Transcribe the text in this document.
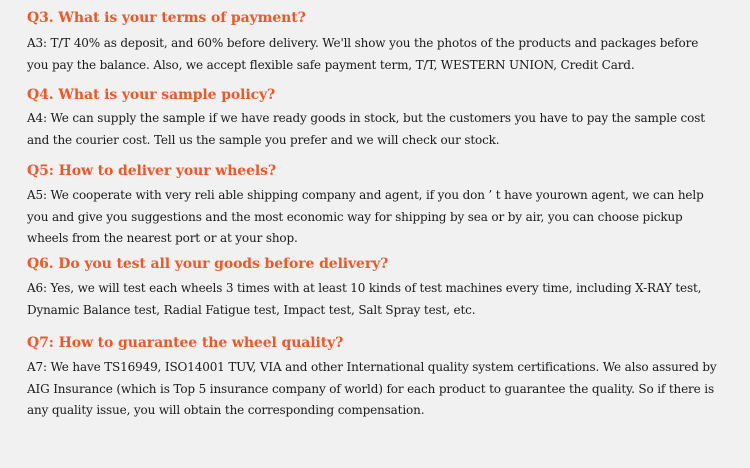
Q3. What is your terms of payment?

A3: T/T 40% as deposit, and 60% before delivery. We'll show you the photos of the products and packages before you pay the balance. Also, we accept flexible safe payment term, T/T, WESTERN UNION, Credit Card.

Q4. What is your sample policy?

A4: We can supply the sample if we have ready goods in stock, but the customers you have to pay the sample cost and the courier cost. Tell us the sample you prefer and we will check our stock.

Q5: How to deliver your wheels?

A5: We cooperate with very reli able shipping company and agent, if you don ’ t have yourown agent, we can help you and give you suggestions and the most economic way for shipping by sea or by air, you can choose pickup wheels from the nearest port or at your shop.

Q6. Do you test all your goods before delivery?

A6: Yes, we will test each wheels 3 times with at least 10 kinds of test machines every time, including X-RAY test, Dynamic Balance test, Radial Fatigue test, Impact test, Salt Spray test, etc.

Q7: How to guarantee the wheel quality?

A7: We have TS16949, ISO14001 TUV, VIA and other International quality system certifications. We also assured by AIG Insurance (which is Top 5 insurance company of world) for each product to guarantee the quality. So if there is any quality issue, you will obtain the corresponding compensation.
